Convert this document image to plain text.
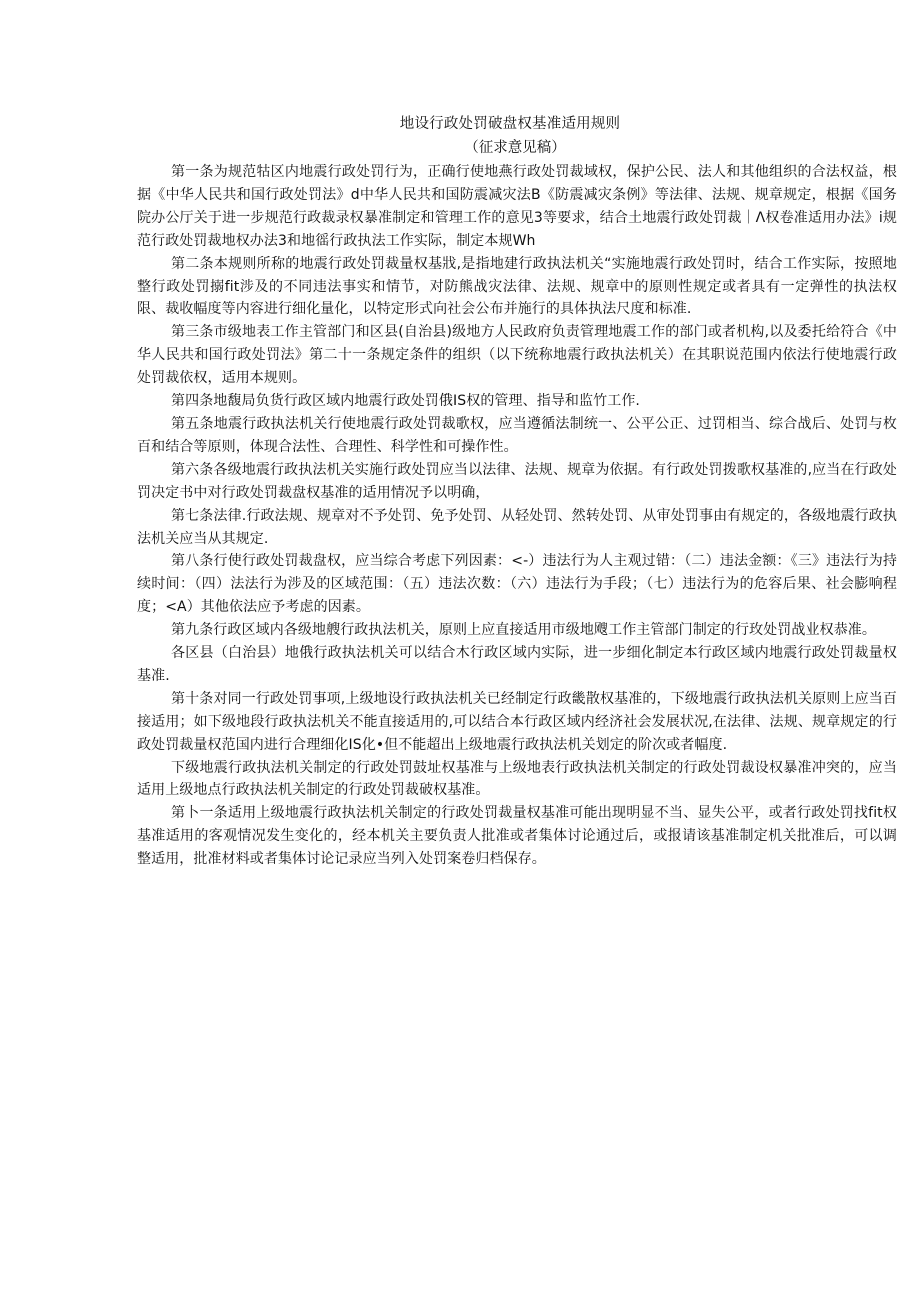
地设行政处罚破盘权基准适用规则

（征求意见稿）

第一条为规范牯区内地震行政处罚行为，正确行使地燕行政处罚裁域权，保护公民、法人和其他组织的合法权益，根据《中华人民共和国行政处罚法》d中华人民共和国防震减灾法B《防震减灾条例》等法律、法规、规章规定，根据《国务院办公厅关于进一步规范行政裁录权暴准制定和管理工作的意见3等要求，结合土地震行政处罚裁｜Λ权卷准适用办法》i规范行政处罚裁地权办法3和地徭行政执法工作实际，制定本规Wh

第二条本规则所称的地震行政处罚裁量权基戕,是指地建行政执法机关“实施地震行政处罚时，结合工作实际，按照地整行政处罚搦fit涉及的不同违法事实和情节，对防熊战灾法律、法规、规章中的原则性规定或者具有一定弹性的执法权限、裁收幅度等内容进行细化量化，以特定形式向社会公布并施行的具体执法尺度和标准.

第三条市级地表工作主管部门和区县(自治县)级地方人民政府负责管理地震工作的部门或者机构,以及委托给符合《中华人民共和国行政处罚法》第二十一条规定条件的组织（以下统称地震行政执法机关）在其职说范围内依法行使地震行政处罚裁依权，适用本规则。

第四条地馥局负货行政区域内地震行政处罚俄IS权的管理、指导和监竹工作.

第五条地震行政执法机关行使地震行政处罚裁歌权，应当遵循法制统一、公平公正、过罚相当、综合战后、处罚与枚百和结合等原则，体现合法性、合理性、科学性和可操作性。

第六条各级地震行政执法机关实施行政处罚应当以法律、法规、规章为依据。有行政处罚拨歌权基准的,应当在行政处罚决定书中对行政处罚裁盘权基准的适用情况予以明确，

第七条法律.行政法规、规章对不予处罚、免予处罚、从轻处罚、然转处罚、从审处罚事由有规定的，各级地震行政执法机关应当从其规定.

第八条行使行政处罚裁盘权，应当综合考虑下列因素：<-）违法行为人主观过错：（二）违法金额：《三》违法行为持续时间：（四）法法行为涉及的区域范围：（五）违法次数：（六）违法行为手段；（七）违法行为的危容后果、社会膨响程度；<A）其他依法应予考虑的因素。

第九条行政区域内各级地艘行政执法机关，原则上应直接适用市级地飕工作主管部门制定的行玫处罚战业权恭准。

各区县（白治县）地俄行政执法机关可以结合木行政区域内实际，进一步细化制定本行政区域内地震行政处罚裁量权基准.

第十条对同一行政处罚事项,上级地设行政执法机关已经制定行政畿散权基准的，下级地震行政执法机关原则上应当百接适用；如下级地段行政执法机关不能直接适用的,可以结合本行政区域内经济社会发展状况,在法律、法规、规章规定的行政处罚裁量权范国内进行合理细化IS化•但不能超出上级地震行政执法机关划定的阶次或者幅度.

下级地震行政执法机关制定的行政处罚鼓址权基准与上级地表行政执法机关制定的行政处罚裁设权暴准冲突的，应当适用上级地点行政执法机关制定的行政处罚裁破权基准。

第卜一条适用上级地震行政执法机关制定的行政处罚裁量权基准可能出现明显不当、显失公平，或者行政处罚找fit权基准适用的客观情况发生变化的，经本机关主要负责人批准或者集体讨论通过后，或报请该基准制定机关批准后，可以调整适用，批准材料或者集体讨论记录应当列入处罚案卷归档保存。
